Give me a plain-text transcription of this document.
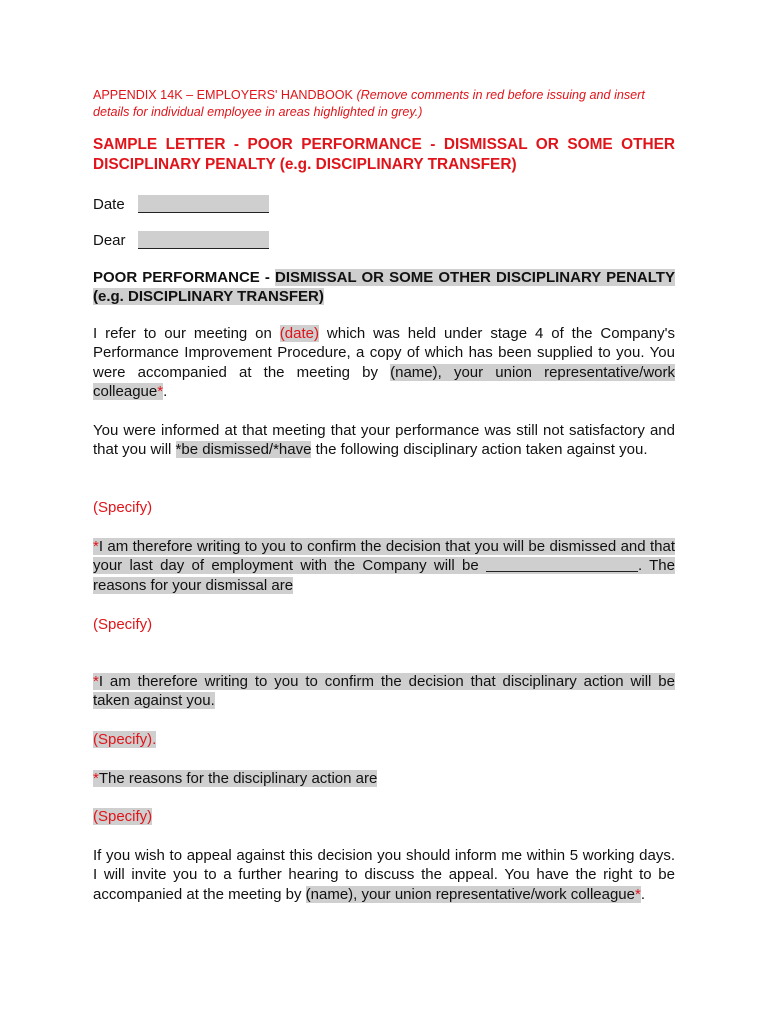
APPENDIX 14K – EMPLOYERS' HANDBOOK (Remove comments in red before issuing and insert details for individual employee in areas highlighted in grey.)
SAMPLE LETTER - POOR PERFORMANCE - DISMISSAL OR SOME OTHER DISCIPLINARY PENALTY (e.g. DISCIPLINARY TRANSFER)
Date
Dear
POOR PERFORMANCE - DISMISSAL OR SOME OTHER DISCIPLINARY PENALTY (e.g. DISCIPLINARY TRANSFER)
I refer to our meeting on (date) which was held under stage 4 of the Company's Performance Improvement Procedure, a copy of which has been supplied to you. You were accompanied at the meeting by (name), your union representative/work colleague*.
You were informed at that meeting that your performance was still not satisfactory and that you will *be dismissed/*have the following disciplinary action taken against you.
(Specify)
*I am therefore writing to you to confirm the decision that you will be dismissed and that your last day of employment with the Company will be	. The reasons for your dismissal are
(Specify)
*I am therefore writing to you to confirm the decision that disciplinary action will be taken against you.
(Specify).
*The reasons for the disciplinary action are
(Specify)
If you wish to appeal against this decision you should inform me within 5 working days. I will invite you to a further hearing to discuss the appeal. You have the right to be accompanied at the meeting by (name), your union representative/work colleague*.
